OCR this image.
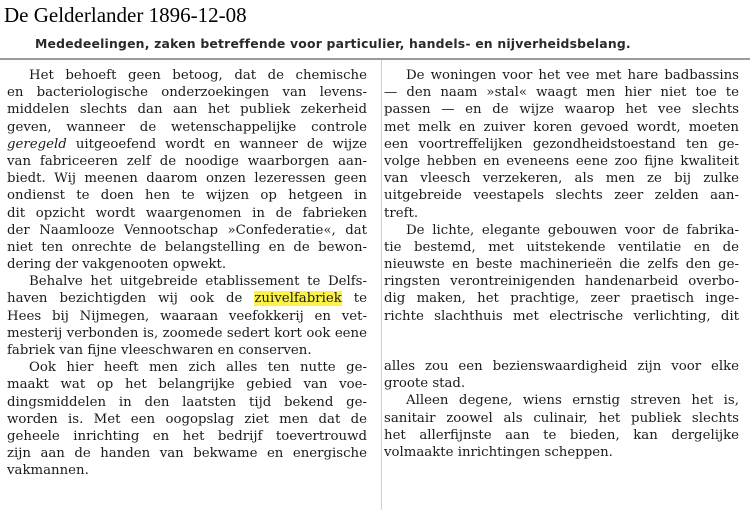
De Gelderlander 1896-12-08
Mededeelingen, zaken betreffende voor particulier, handels- en nijverheidsbelang.
Het behoeft geen betoog, dat de chemische
en bacteriologische onderzoekingen van levens-
middelen slechts dan aan het publiek zekerheid
geven, wanneer de wetenschappelijke controle
geregeld uitgeoefend wordt en wanneer de wijze
van fabriceeren zelf de noodige waarborgen aan-
biedt. Wij meenen daarom onzen lezeressen geen
ondienst te doen hen te wijzen op hetgeen in
dit opzicht wordt waargenomen in de fabrieken
der Naamlooze Vennootschap »Confederatie«, dat
niet ten onrechte de belangstelling en de bewon-
dering der vakgenooten opwekt.
Behalve het uitgebreide etablissement te Delfs-
haven bezichtigden wij ook de zuivelfabriek te
Hees bij Nijmegen, waaraan veefokkerij en vet-
mesterij verbonden is, zoomede sedert kort ook eene
fabriek van fijne vleeschwaren en conserven.
Ook hier heeft men zich alles ten nutte ge-
maakt wat op het belangrijke gebied van voe-
dingsmiddelen in den laatsten tijd bekend ge-
worden is. Met een oogopslag ziet men dat de
geheele inrichting en het bedrijf toevertrouwd
zijn aan de handen van bekwame en energische
vakmannen.
De woningen voor het vee met hare badbassins
— den naam »stal« waagt men hier niet toe te
passen — en de wijze waarop het vee slechts
met melk en zuiver koren gevoed wordt, moeten
een voortreffelijken gezondheidstoestand ten ge-
volge hebben en eveneens eene zoo fijne kwaliteit
van vleesch verzekeren, als men ze bij zulke
uitgebreide veestapels slechts zeer zelden aan-
treft.
De lichte, elegante gebouwen voor de fabrika-
tie bestemd, met uitstekende ventilatie en de
nieuwste en beste machinerieën die zelfs den ge-
ringsten verontreinigenden handenarbeid overbo-
dig maken, het prachtige, zeer praetisch inge-
richte slachthuis met electrische verlichting, dit
alles zou een bezienswaardigheid zijn voor elke
groote stad.
Alleen degene, wiens ernstig streven het is,
sanitair zoowel als culinair, het publiek slechts
het allerfijnste aan te bieden, kan dergelijke
volmaakte inrichtingen scheppen.
